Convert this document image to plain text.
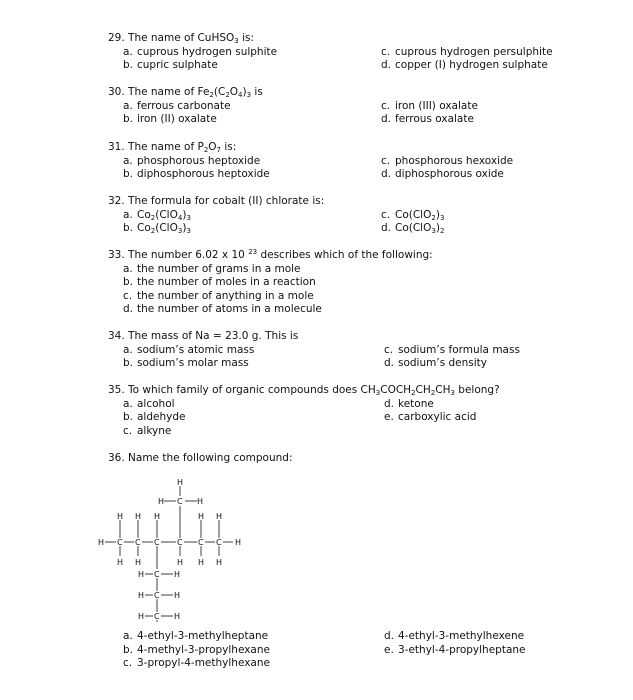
29. The name of CuHSO$_3$ is:
a. cuprous hydrogen sulphite	c. cuprous hydrogen persulphite
b. cupric sulphate	d. copper (I) hydrogen sulphate
30. The name of $Fe_2(C_2O_4)_3$ is
a. ferrous carbonate	c. iron (III) oxalate
b. iron (II) oxalate	d. ferrous oxalate
31. The name of $P_2O_7$ is:
a. phosphorous heptoxide	c. phosphorous hexoxide
b. diphosphorous heptoxide	d. diphosphorous oxide
32. The formula for cobalt (II) chlorate is:
a. $Co_2(ClO_4)_3$	c. $Co(ClO_2)_3$
b. $Co_2(ClO_3)_3$	d. $Co(ClO_3)_2$
33. The number 6.02 x 10 $^{23}$ describes which of the following:
a. the number of grams in a mole
b. the number of moles in a reaction
c. the number of anything in a mole
d. the number of atoms in a molecule
34. The mass of Na = 23.0 g. This is
a. sodium’s atomic mass	c. sodium’s formula mass
b. sodium’s molar mass	d. sodium’s density
35. To which family of organic compounds does $CH_3COCH_2CH_2CH_3$ belong?
a. alcohol	d. ketone
b. aldehyde	e. carboxylic acid
c. alkyne
36. Name the following compound:
H
H C H
H H H	H H
H C C C C C C H
H H	H H H
H C H
H C H
H C H
a. 4-ethyl-3-methylheptane	d. 4-ethyl-3-methylhexene
b. 4-methyl-3-propylhexane	e. 3-ethyl-4-propylheptane
c. 3-propyl-4-methylhexane
